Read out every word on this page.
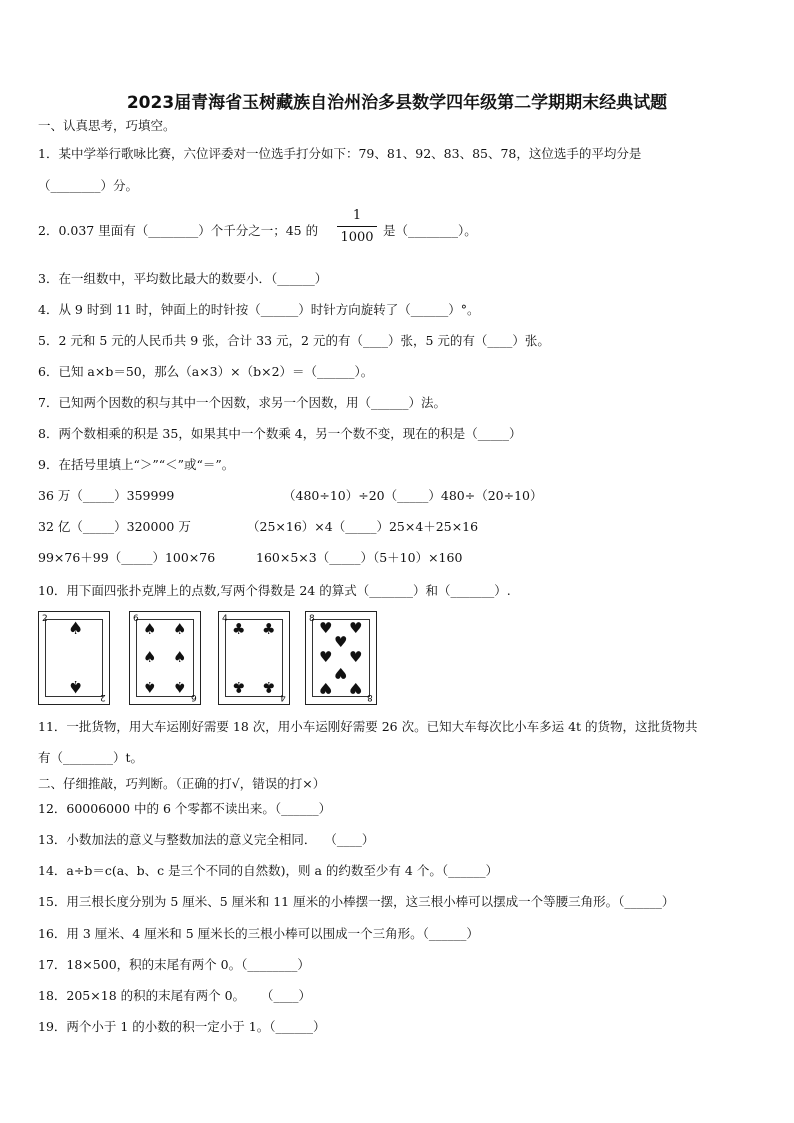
2023届青海省玉树藏族自治州治多县数学四年级第二学期期末经典试题
一、认真思考，巧填空。
1．某中学举行歌咏比赛，六位评委对一位选手打分如下：79、81、92、83、85、78，这位选手的平均分是
（________）分。
2．0.037 里面有（________）个千分之一；45 的
1
1000 是（________）。
3．在一组数中，平均数比最大的数要小．（______）
4．从 9 时到 11 时，钟面上的时针按（______）时针方向旋转了（______）°。
5．2 元和 5 元的人民币共 9 张，合计 33 元，2 元的有（____）张，5 元的有（____）张。
6．已知 a×b＝50，那么（a×3）×（b×2）＝（______）。
7．已知两个因数的积与其中一个因数，求另一个因数，用（______）法。
8．两个数相乘的积是 35，如果其中一个数乘 4，另一个数不变，现在的积是（_____）
9．在括号里填上“＞”“＜”或“＝”。
36 万（_____）359999	（480÷10）÷20（_____）480÷（20÷10）
32 亿（_____）320000 万	（25×16）×4（_____）25×4＋25×16
99×76＋99（_____）100×76	160×5×3（_____）（5＋10）×160
10．用下面四张扑克牌上的点数,写两个得数是 24 的算式（_______）和（_______）.
2
2
♠
♠
6
6
♠ ♠
♠ ♠
♠ ♠
4
4
♣ ♣
♣ ♣
8
8
♥ ♥
♥
♥ ♥
♥
♥ ♥
11．一批货物，用大车运刚好需要 18 次，用小车运刚好需要 26 次。已知大车每次比小车多运 4t 的货物，这批货物共
有（________）t。
二、仔细推敲，巧判断。（正确的打√，错误的打×）
12．60006000 中的 6 个零都不读出来。（______）
13．小数加法的意义与整数加法的意义完全相同．  （____）
14．a÷b＝c(a、b、c 是三个不同的自然数)，则 a 的约数至少有 4 个。（______）
15．用三根长度分别为 5 厘米、5 厘米和 11 厘米的小棒摆一摆，这三根小棒可以摆成一个等腰三角形。（______）
16．用 3 厘米、4 厘米和 5 厘米长的三根小棒可以围成一个三角形。（______）
17．18×500，积的末尾有两个 0。（________）
18．205×18 的积的末尾有两个 0。    （____）
19．两个小于 1 的小数的积一定小于 1。（______）
